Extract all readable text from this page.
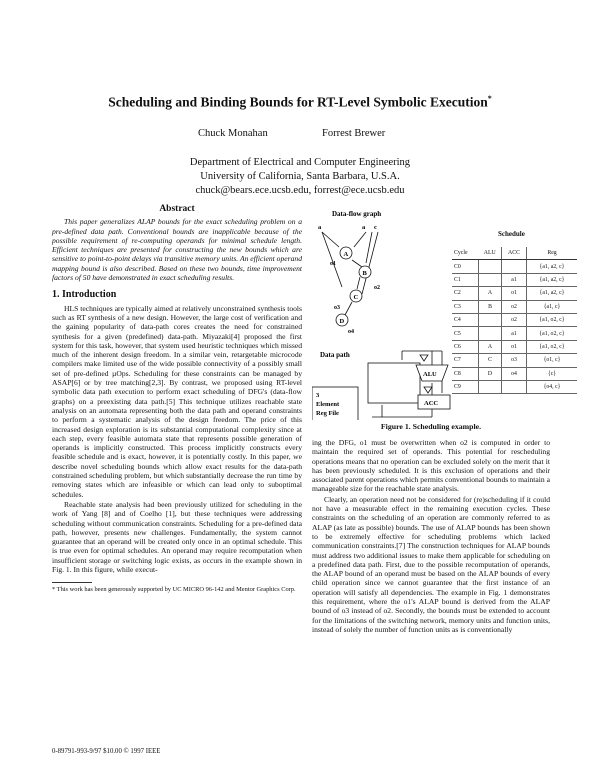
Scheduling and Binding Bounds for RT-Level Symbolic Execution*
Chuck Monahan	Forrest Brewer
Department of Electrical and Computer Engineering
University of California, Santa Barbara, U.S.A.
chuck@bears.ece.ucsb.edu, forrest@ece.ucsb.edu
Abstract

This paper generalizes ALAP bounds for the exact scheduling problem on a pre-defined data path. Conventional bounds are inapplicable because of the possible requirement of re-computing operands for minimal schedule length. Efficient techniques are presented for constructing the new bounds which are sensitive to point-to-point delays via transitive memory units. An efficient operand mapping bound is also described. Based on these two bounds, time improvement factors of 50 have demonstrated in exact scheduling results.

1. Introduction

HLS techniques are typically aimed at relatively unconstrained synthesis tools such as RT synthesis of a new design. However, the large cost of verification and the gaining popularity of data-path cores creates the need for constrained synthesis for a given (predefined) data-path. Miyazaki[4] proposed the first system for this task, however, that system used heuristic techniques which missed much of the inherent design freedom. In a similar vein, retargetable microcode compilers make limited use of the wide possible connectivity of a possibly small set of pre-defined µOps. Scheduling for these constraints can be managed by ASAP[6] or by tree matching[2,3]. By contrast, we proposed using RT-level symbolic data path execution to perform exact scheduling of DFG's (data-flow graphs) on a preexisting data path.[5] This technique utilizes reachable state analysis on an automata representing both the data path and operand constraints to perform a systematic analysis of the design freedom. The price of this increased design exploration is its substantial computational complexity since at each step, every feasible automata state that represents possible generation of operands is implicitly constructed. This process implicitly constructs every feasible schedule and is exact, however, it is potentially costly. In this paper, we describe novel scheduling bounds which allow exact results for the data-path constrained scheduling problem, but which substantially decrease the run time by removing states which are infeasible or which can lead only to suboptimal schedules.

Reachable state analysis had been previously utilized for scheduling in the work of Yang [8] and of Coelho [1], but these techniques were addressing scheduling without communication constraints. Scheduling for a pre-defined data path, however, presents new challenges. Fundamentally, the system cannot guarantee that an operand will be created only once in an optimal schedule. This is true even for optimal schedules. An operand may require recomputation when insufficient storage or switching logic exists, as occurs in the example shown in Fig. 1. In this figure, while execut-

* This work has been generously supported by UC MICRO 96-142 and Mentor Graphics Corp.

Data-flow graph
a	a c
A
B
C
D
o1
o2
o3
o4
Data path
3
Element
Reg File
ALU
ACC
Schedule
Cycle	ALU	ACC	Reg
C0			{a1, a2, c}
C1		a1	{a1, a2, c}
C2	A	o1	{a1, a2, c}
C3	B	o2	{a1, c}
C4		o2	{a1, o2, c}
C5		a1	{a1, o2, c}
C6	A	o1	{a1, o2, c}
C7	C	o3	{o1, c}
C8	D	o4	{c}
C9			{o4, c}
Figure 1. Scheduling example.

ing the DFG, o1 must be overwritten when o2 is computed in order to maintain the required set of operands. This potential for rescheduling operations means that no operation can be excluded solely on the merit that it has been previously scheduled. It is this exclusion of operations and their associated parent operations which permits conventional bounds to maintain a manageable size for the reachable state analysis.

Clearly, an operation need not be considered for (re)scheduling if it could not have a measurable effect in the remaining execution cycles. These constraints on the scheduling of an operation are commonly referred to as ALAP (as late as possible) bounds. The use of ALAP bounds has been shown to be extremely effective for scheduling problems which lacked communication constraints.[7] The construction techniques for ALAP bounds must address two additional issues to make them applicable for scheduling on a predefined data path. First, due to the possible recomputation of operands, the ALAP bound of an operand must be based on the ALAP bounds of every child operation since we cannot guarantee that the first instance of an operation will satisfy all dependencies. The example in Fig. 1 demonstrates this requirement, where the o1's ALAP bound is derived from the ALAP bound of o3 instead of o2. Secondly, the bounds must be extended to account for the limitations of the switching network, memory units and function units, instead of solely the number of function units as is conventionally

0-89791-993-9/97 $10.00 © 1997 IEEE
